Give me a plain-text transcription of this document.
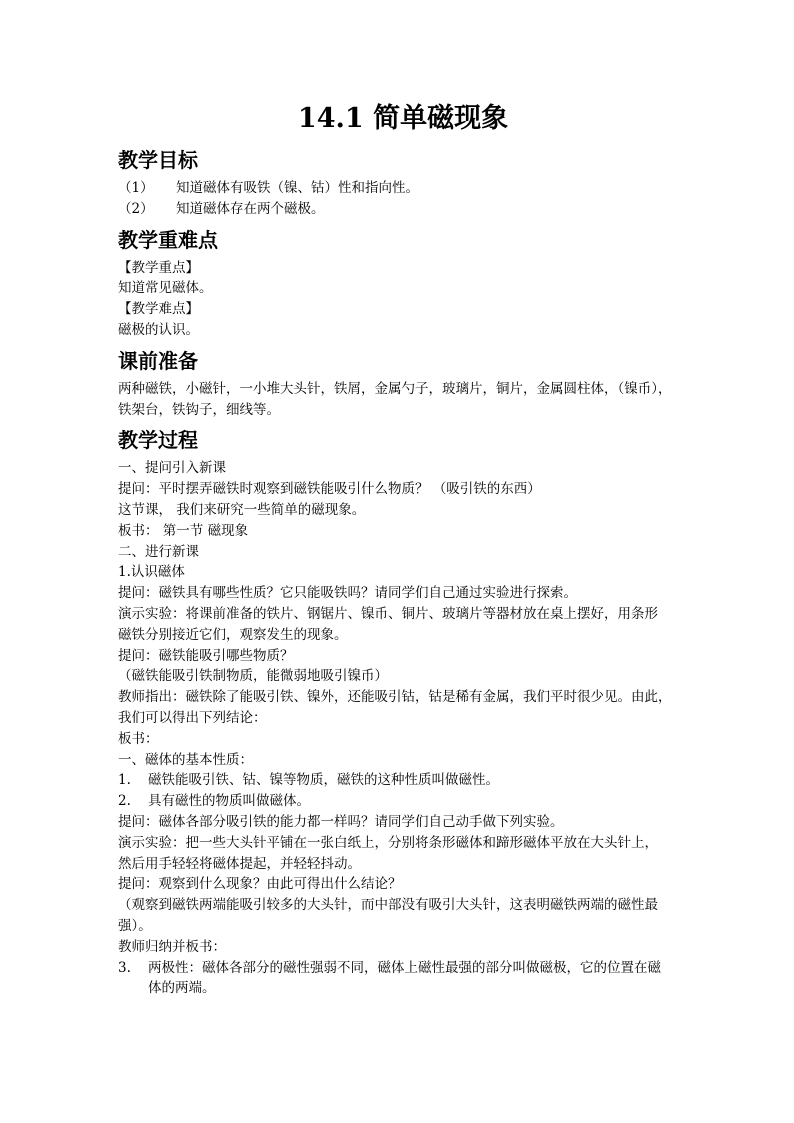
14.1 简单磁现象
教学目标
（1）	知道磁体有吸铁（镍、钴）性和指向性。
（2）	知道磁体存在两个磁极。
教学重难点

【教学重点】

知道常见磁体。

【教学难点】

磁极的认识。

课前准备

两种磁铁，小磁针，一小堆大头针，铁屑，金属勺子，玻璃片，铜片，金属圆柱体，（镍币），

铁架台，铁钩子，细线等。

教学过程

一、提问引入新课

提问：平时摆弄磁铁时观察到磁铁能吸引什么物质？ （吸引铁的东西）

这节课， 我们来研究一些简单的磁现象。

板书： 第一节 磁现象

二、进行新课

1.认识磁体

提问：磁铁具有哪些性质？它只能吸铁吗？请同学们自己通过实验进行探索。

演示实验：将课前准备的铁片、钢锯片、镍币、铜片、玻璃片等器材放在桌上摆好，用条形

磁铁分别接近它们，观察发生的现象。

提问：磁铁能吸引哪些物质？

（磁铁能吸引铁制物质，能微弱地吸引镍币）

教师指出：磁铁除了能吸引铁、镍外，还能吸引钴，钴是稀有金属，我们平时很少见。由此，

我们可以得出下列结论：

板书：

一、磁体的基本性质：

1.	磁铁能吸引铁、钴、镍等物质，磁铁的这种性质叫做磁性。
2.	具有磁性的物质叫做磁体。

提问：磁体各部分吸引铁的能力都一样吗？请同学们自己动手做下列实验。

演示实验：把一些大头针平铺在一张白纸上，分别将条形磁体和蹄形磁体平放在大头针上，

然后用手轻轻将磁体提起，并轻轻抖动。

提问：观察到什么现象？由此可得出什么结论？

（观察到磁铁两端能吸引较多的大头针，而中部没有吸引大头针，这表明磁铁两端的磁性最

强）。

教师归纳并板书：

3.	两极性：磁体各部分的磁性强弱不同，磁体上磁性最强的部分叫做磁极，它的位置在磁

体的两端。
